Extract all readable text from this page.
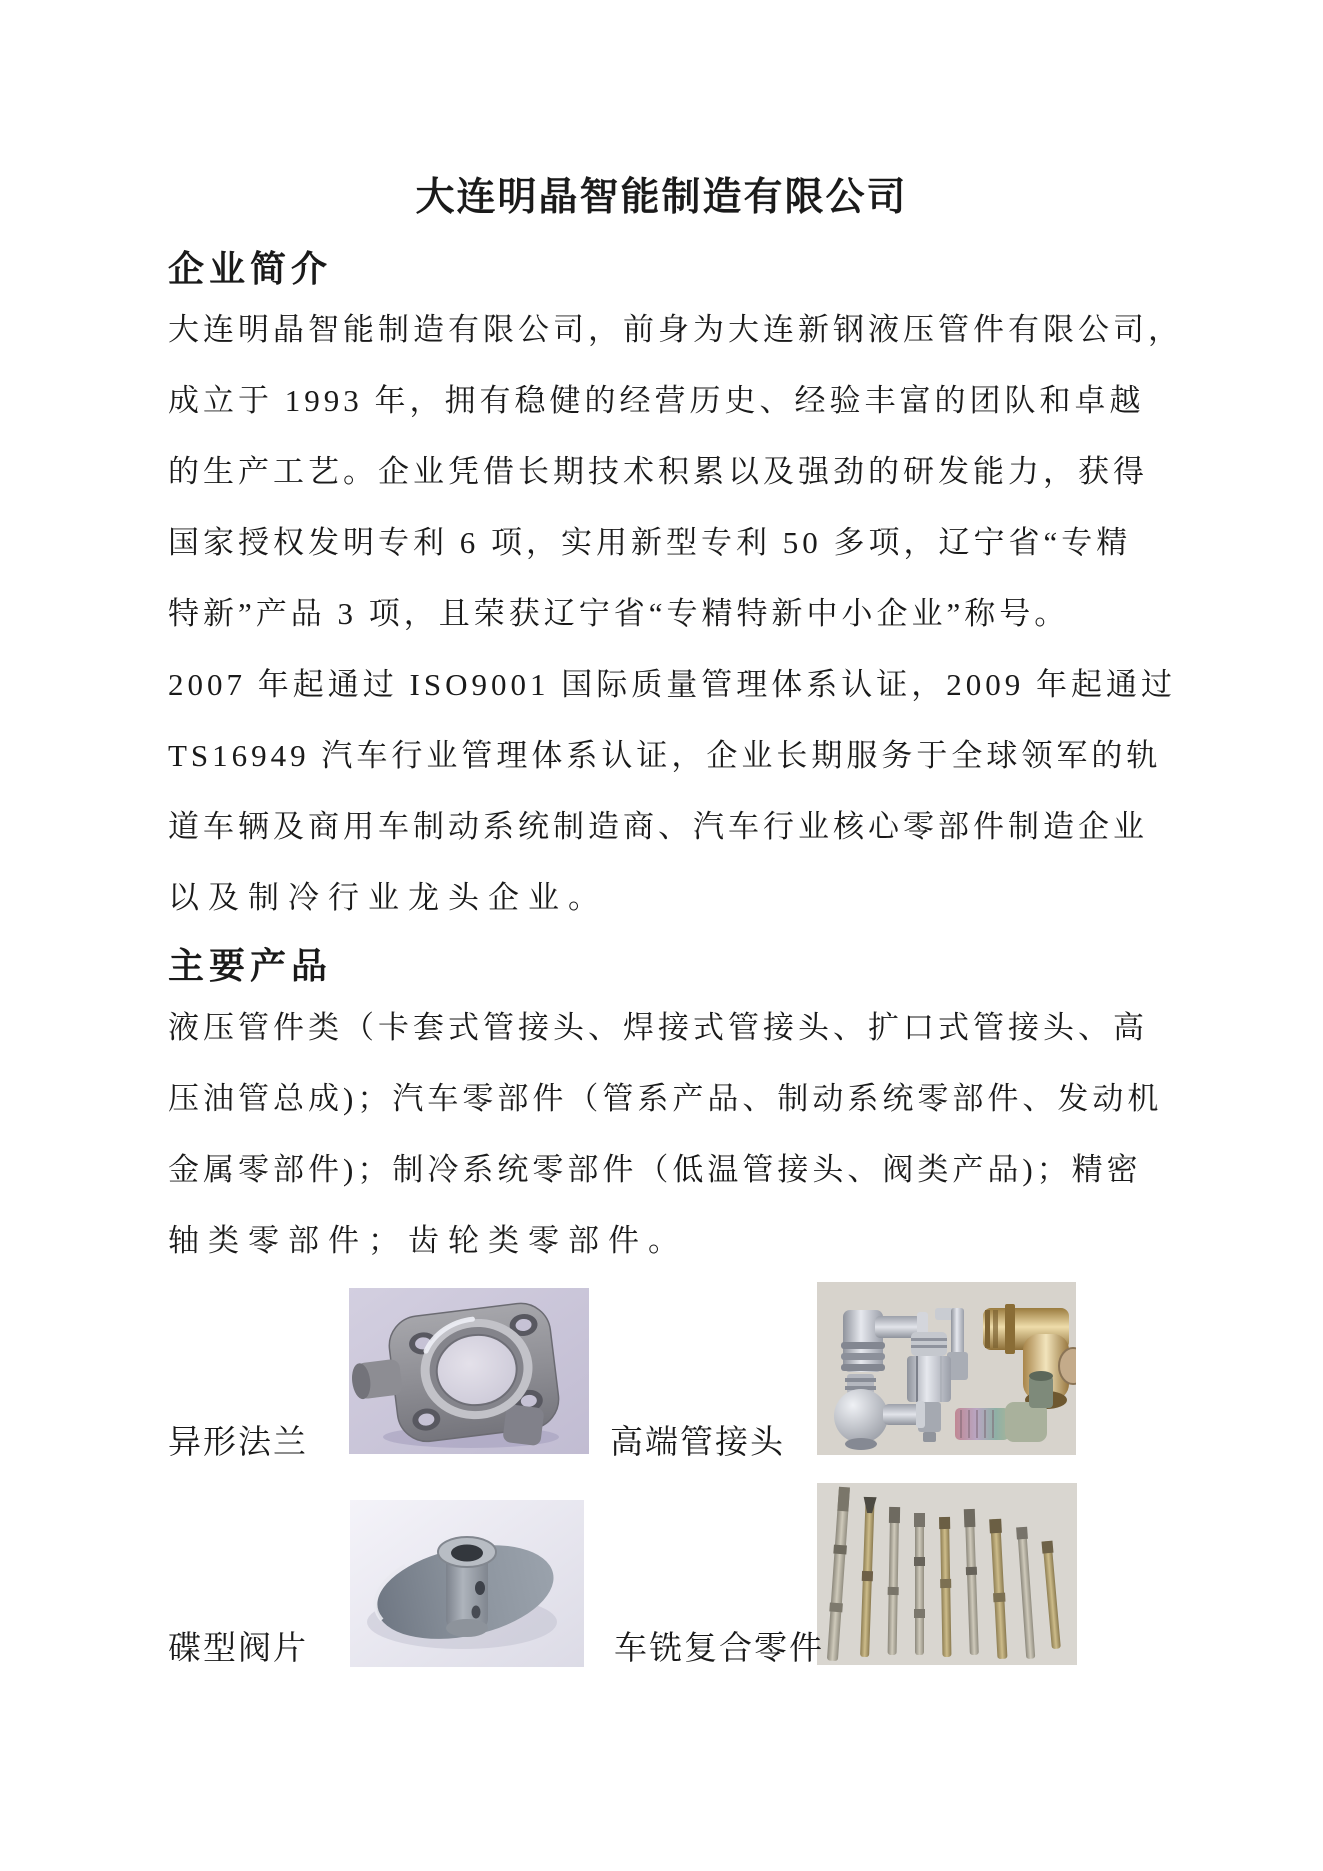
大连明晶智能制造有限公司
企业简介
大连明晶智能制造有限公司，前身为大连新钢液压管件有限公司，
成立于 1993 年，拥有稳健的经营历史、经验丰富的团队和卓越
的生产工艺。企业凭借长期技术积累以及强劲的研发能力，获得
国家授权发明专利 6 项，实用新型专利 50 多项，辽宁省“专精
特新”产品 3 项，且荣获辽宁省“专精特新中小企业”称号。
2007 年起通过 ISO9001 国际质量管理体系认证，2009 年起通过
TS16949 汽车行业管理体系认证，企业长期服务于全球领军的轨
道车辆及商用车制动系统制造商、汽车行业核心零部件制造企业
以及制冷行业龙头企业。
主要产品
液压管件类（卡套式管接头、焊接式管接头、扩口式管接头、高
压油管总成)；汽车零部件（管系产品、制动系统零部件、发动机
金属零部件)；制冷系统零部件（低温管接头、阀类产品)；精密
轴类零部件；齿轮类零部件。
异形法兰	高端管接头
碟型阀片	车铣复合零件
